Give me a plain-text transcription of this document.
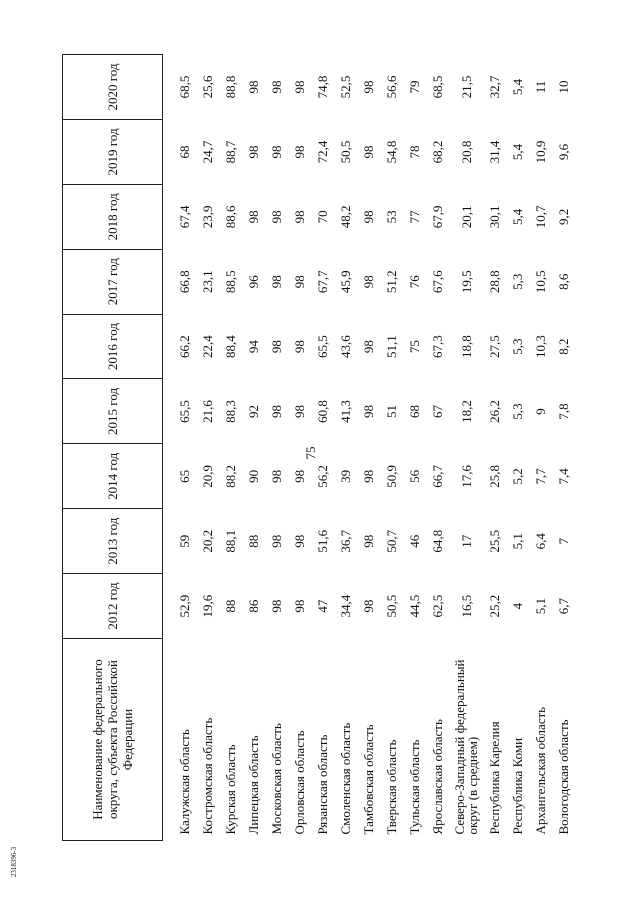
75
2318396-3
Наименование федерального округа, субъекта Российской Федерации	2012 год	2013 год	2014 год	2015 год	2016 год	2017 год	2018 год	2019 год	2020 год

Калужская область	52,9	59	65	65,5	66,2	66,8	67,4	68	68,5
Костромская область	19,6	20,2	20,9	21,6	22,4	23,1	23,9	24,7	25,6
Курская область	88	88,1	88,2	88,3	88,4	88,5	88,6	88,7	88,8
Липецкая область	86	88	90	92	94	96	98	98	98
Московская область	98	98	98	98	98	98	98	98	98
Орловская область	98	98	98	98	98	98	98	98	98
Рязанская область	47	51,6	56,2	60,8	65,5	67,7	70	72,4	74,8
Смоленская область	34,4	36,7	39	41,3	43,6	45,9	48,2	50,5	52,5
Тамбовская область	98	98	98	98	98	98	98	98	98
Тверская область	50,5	50,7	50,9	51	51,1	51,2	53	54,8	56,6
Тульская область	44,5	46	56	68	75	76	77	78	79
Ярославская область	62,5	64,8	66,7	67	67,3	67,6	67,9	68,2	68,5
Северо-Западный федеральный округ (в среднем)	16,5	17	17,6	18,2	18,8	19,5	20,1	20,8	21,5
Республика Карелия	25,2	25,5	25,8	26,2	27,5	28,8	30,1	31,4	32,7
Республика Коми	4	5,1	5,2	5,3	5,3	5,3	5,4	5,4	5,4
Архангельская область	5,1	6,4	7,7	9	10,3	10,5	10,7	10,9	11
Вологодская область	6,7	7	7,4	7,8	8,2	8,6	9,2	9,6	10
